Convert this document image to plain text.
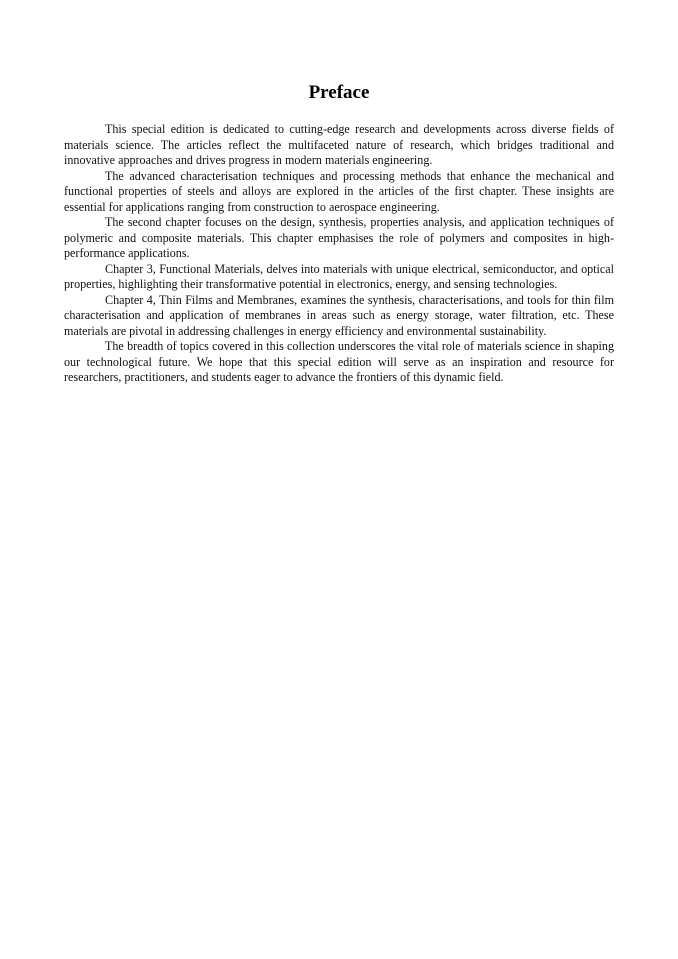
Preface

This special edition is dedicated to cutting-edge research and developments across diverse fields of materials science. The articles reflect the multifaceted nature of research, which bridges traditional and innovative approaches and drives progress in modern materials engineering.

The advanced characterisation techniques and processing methods that enhance the mechanical and functional properties of steels and alloys are explored in the articles of the first chapter. These insights are essential for applications ranging from construction to aerospace engineering.

The second chapter focuses on the design, synthesis, properties analysis, and application techniques of polymeric and composite materials. This chapter emphasises the role of polymers and composites in high-performance applications.

Chapter 3, Functional Materials, delves into materials with unique electrical, semiconductor, and optical properties, highlighting their transformative potential in electronics, energy, and sensing technologies.

Chapter 4, Thin Films and Membranes, examines the synthesis, characterisations, and tools for thin film characterisation and application of membranes in areas such as energy storage, water filtration, etc. These materials are pivotal in addressing challenges in energy efficiency and environmental sustainability.

The breadth of topics covered in this collection underscores the vital role of materials science in shaping our technological future. We hope that this special edition will serve as an inspiration and resource for researchers, practitioners, and students eager to advance the frontiers of this dynamic field.
